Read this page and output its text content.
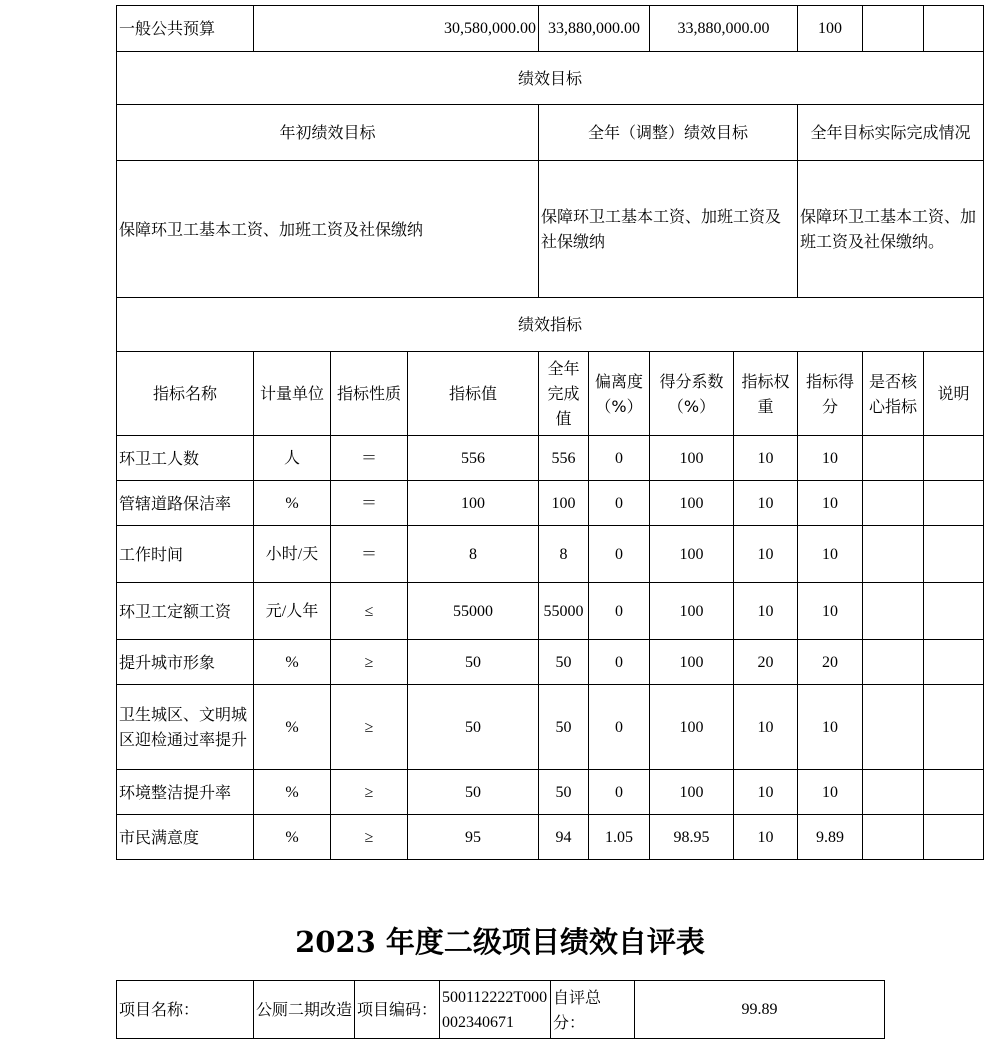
一般公共预算	30,580,000.00			33,880,000.00		33,880,000.00		100		
绩效目标										
年初绩效目标				全年（调整）绩效目标				全年目标实际完成情况		
保障环卫工基本工资、加班工资及社保缴纳				保障环卫工基本工资、加班工资及社保缴纳				保障环卫工基本工资、加班工资及社保缴纳。		
绩效指标										
指标名称	计量单位	指标性质	指标值	全年完成值	偏离度（%）	得分系数（%）	指标权重	指标得分	是否核心指标	说明
环卫工人数	人	＝	556	556	0	100	10	10		
管辖道路保洁率	%	＝	100	100	0	100	10	10		
工作时间	小时/天	＝	8	8	0	100	10	10		
环卫工定额工资	元/人年	≤	55000	55000	0	100	10	10		
提升城市形象	%	≥	50	50	0	100	20	20		
卫生城区、文明城区迎检通过率提升	%	≥	50	50	0	100	10	10		
环境整洁提升率	%	≥	50	50	0	100	10	10		
市民满意度	%	≥	95	94	1.05	98.95	10	9.89		
2023 年度二级项目绩效自评表
项目名称：	公厕二期改造	项目编码：	500112222T000002340671	自评总分：	99.89
